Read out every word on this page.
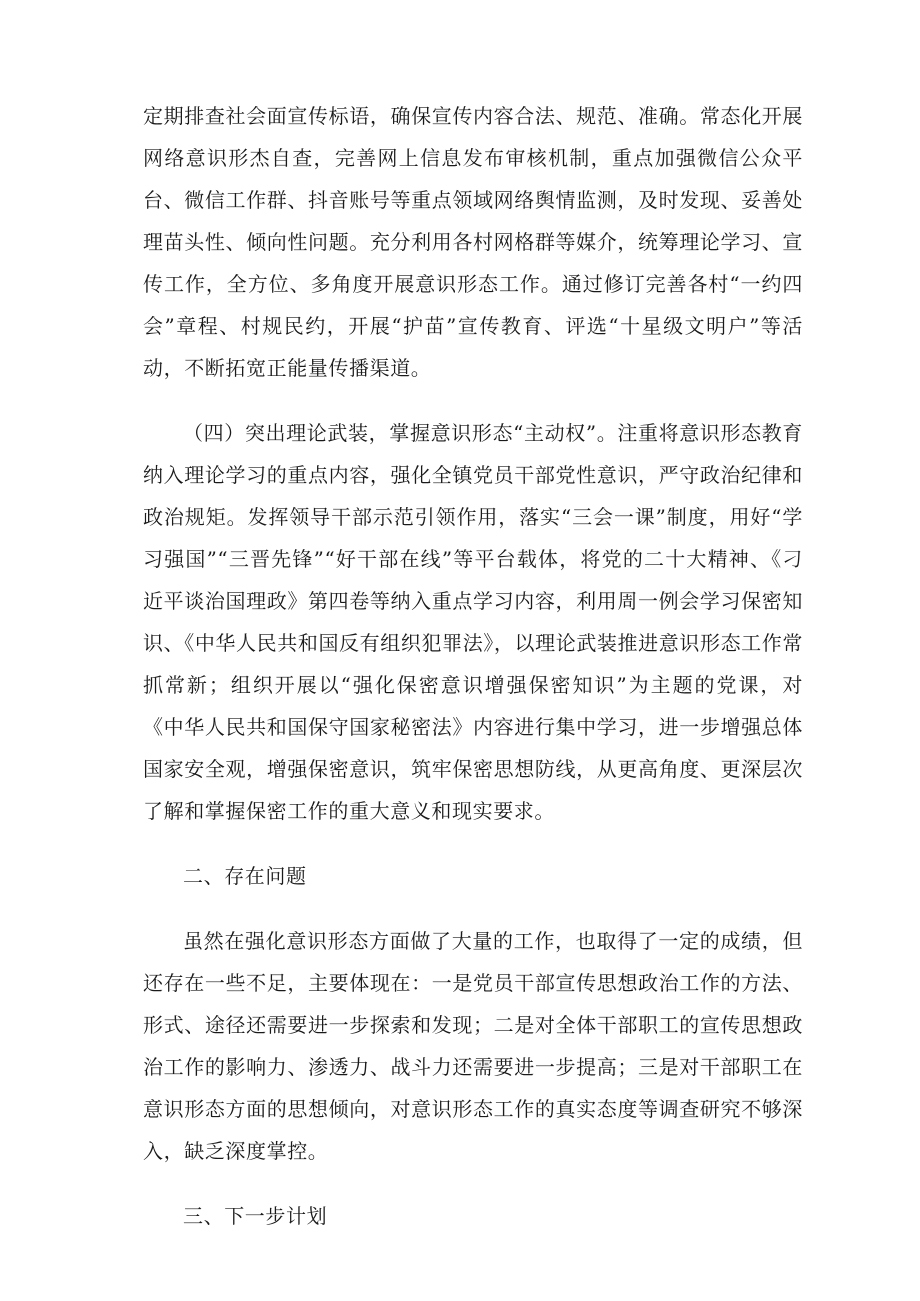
定期排查社会面宣传标语，确保宣传内容合法、规范、准确。常态化开展网络意识形杰自查，完善网上信息发布审核机制，重点加强微信公众平台、微信工作群、抖音账号等重点领域网络舆情监测，及时发现、妥善处理苗头性、倾向性问题。充分利用各村网格群等媒介，统筹理论学习、宣传工作，全方位、多角度开展意识形态工作。通过修订完善各村“一约四会”章程、村规民约，开展“护苗”宣传教育、评选“十星级文明户”等活动，不断拓宽正能量传播渠道。

（四）突出理论武装，掌握意识形态“主动权”。注重将意识形态教育纳入理论学习的重点内容，强化全镇党员干部党性意识，严守政治纪律和政治规矩。发挥领导干部示范引领作用，落实“三会一课”制度，用好“学习强国”“三晋先锋”“好干部在线”等平台载体，将党的二十大精神、《刁近平谈治国理政》第四卷等纳入重点学习内容，利用周一例会学习保密知识、《中华人民共和国反有组织犯罪法》，以理论武装推进意识形态工作常抓常新；组织开展以“强化保密意识增强保密知识”为主题的党课，对《中华人民共和国保守国家秘密法》内容进行集中学习，进一步增强总体国家安全观，增强保密意识，筑牢保密思想防线，从更高角度、更深层次了解和掌握保密工作的重大意义和现实要求。

二、存在问题

虽然在强化意识形态方面做了大量的工作，也取得了一定的成绩，但还存在一些不足，主要体现在：一是党员干部宣传思想政治工作的方法、形式、途径还需要进一步探索和发现；二是对全体干部职工的宣传思想政治工作的影响力、渗透力、战斗力还需要进一步提高；三是对干部职工在意识形态方面的思想倾向，对意识形态工作的真实态度等调查研究不够深入，缺乏深度掌控。

三、下一步计划
